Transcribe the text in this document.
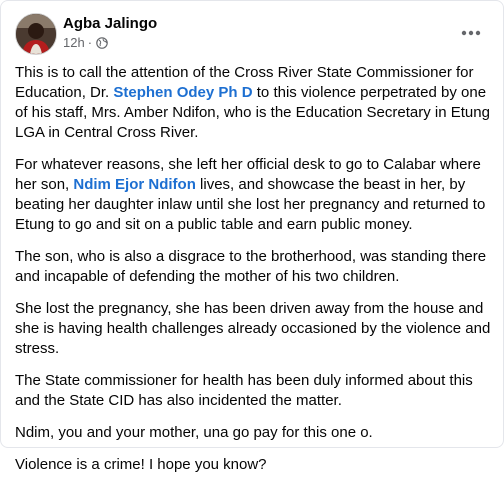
Agba Jalingo
12h ·

This is to call the attention of the Cross River State Commissioner for Education, Dr. Stephen Odey Ph D to this violence perpetrated by one of his staff, Mrs. Amber Ndifon, who is the Education Secretary in Etung LGA in Central Cross River.

For whatever reasons, she left her official desk to go to Calabar where her son, Ndim Ejor Ndifon lives, and showcase the beast in her, by beating her daughter inlaw until she lost her pregnancy and returned to Etung to go and sit on a public table and earn public money.

The son, who is also a disgrace to the brotherhood, was standing there and incapable of defending the mother of his two children.

She lost the pregnancy, she has been driven away from the house and she is having health challenges already occasioned by the violence and stress.

The State commissioner for health has been duly informed about this and the State CID has also incidented the matter.

Ndim, you and your mother, una go pay for this one o.

Violence is a crime! I hope you know?
